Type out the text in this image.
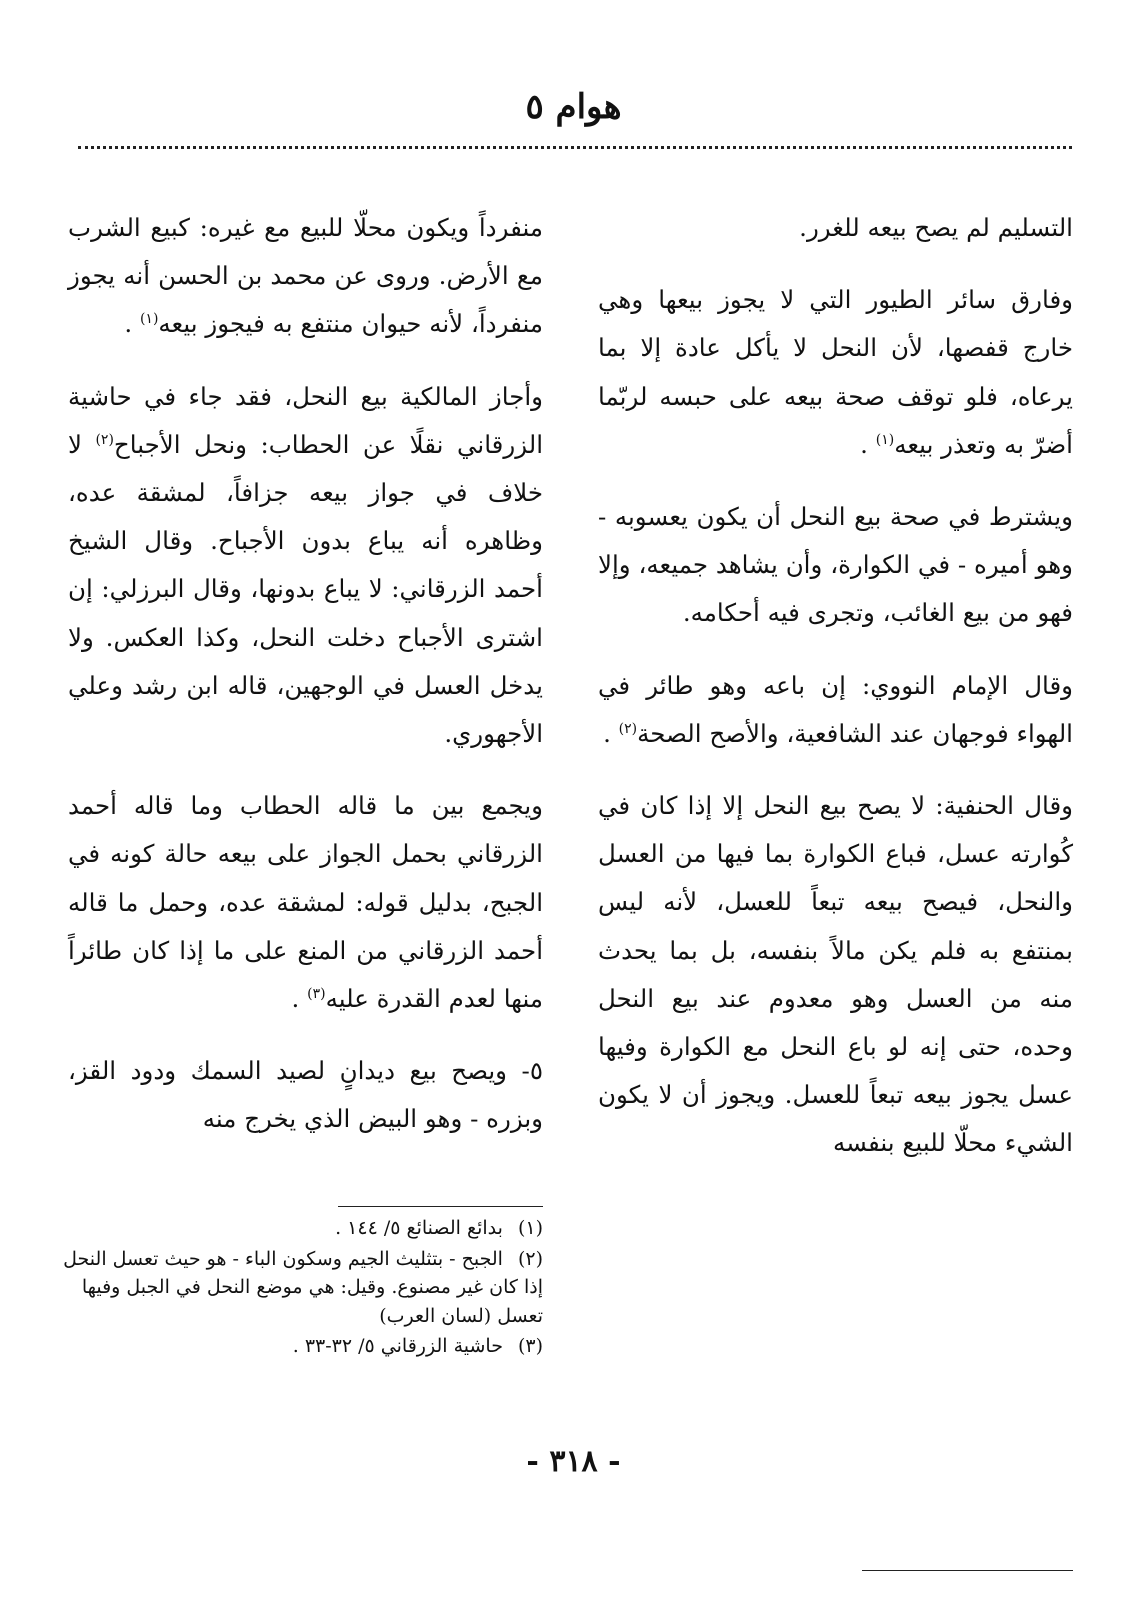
هوام ٥

التسليم لم يصح بيعه للغرر.

وفارق سائر الطيور التي لا يجوز بيعها وهي خارج قفصها، لأن النحل لا يأكل عادة إلا بما يرعاه، فلو توقف صحة بيعه على حبسه لربّما أضرّ به وتعذر بيعه$^{(١)}$ .

ويشترط في صحة بيع النحل أن يكون يعسوبه - وهو أميره - في الكوارة، وأن يشاهد جميعه، وإلا فهو من بيع الغائب، وتجرى فيه أحكامه.

وقال الإمام النووي: إن باعه وهو طائر في الهواء فوجهان عند الشافعية، والأصح الصحة$^{(٢)}$ .

وقال الحنفية: لا يصح بيع النحل إلا إذا كان في كُوارته عسل، فباع الكوارة بما فيها من العسل والنحل، فيصح بيعه تبعاً للعسل، لأنه ليس بمنتفع به فلم يكن مالاً بنفسه، بل بما يحدث منه من العسل وهو معدوم عند بيع النحل وحده، حتى إنه لو باع النحل مع الكوارة وفيها عسل يجوز بيعه تبعاً للعسل. ويجوز أن لا يكون الشيء محلّا للبيع بنفسه

منفرداً ويكون محلّا للبيع مع غيره: كبيع الشرب مع الأرض. وروى عن محمد بن الحسن أنه يجوز منفرداً، لأنه حيوان منتفع به فيجوز بيعه$^{(١)}$ .

وأجاز المالكية بيع النحل، فقد جاء في حاشية الزرقاني نقلًا عن الحطاب: ونحل الأجباح$^{(٢)}$ لا خلاف في جواز بيعه جزافاً، لمشقة عده، وظاهره أنه يباع بدون الأجباح. وقال الشيخ أحمد الزرقاني: لا يباع بدونها، وقال البرزلي: إن اشترى الأجباح دخلت النحل، وكذا العكس. ولا يدخل العسل في الوجهين، قاله ابن رشد وعلي الأجهوري.

ويجمع بين ما قاله الحطاب وما قاله أحمد الزرقاني بحمل الجواز على بيعه حالة كونه في الجبح، بدليل قوله: لمشقة عده، وحمل ما قاله أحمد الزرقاني من المنع على ما إذا كان طائراً منها لعدم القدرة عليه$^{(٣)}$ .

٥- ويصح بيع ديدانٍ لصيد السمك ودود القز، وبزره - وهو البيض الذي يخرج منه

(١) بدائع الصنائع ٥/ ١٤٤ .

(٢) الجبح - بتثليث الجيم وسكون الباء - هو حيث تعسل النحل إذا كان غير مصنوع. وقيل: هي موضع النحل في الجبل وفيها تعسل (لسان العرب)

(٣) حاشية الزرقاني ٥/ ٣٢-٣٣ .

- ٣١٨ -
